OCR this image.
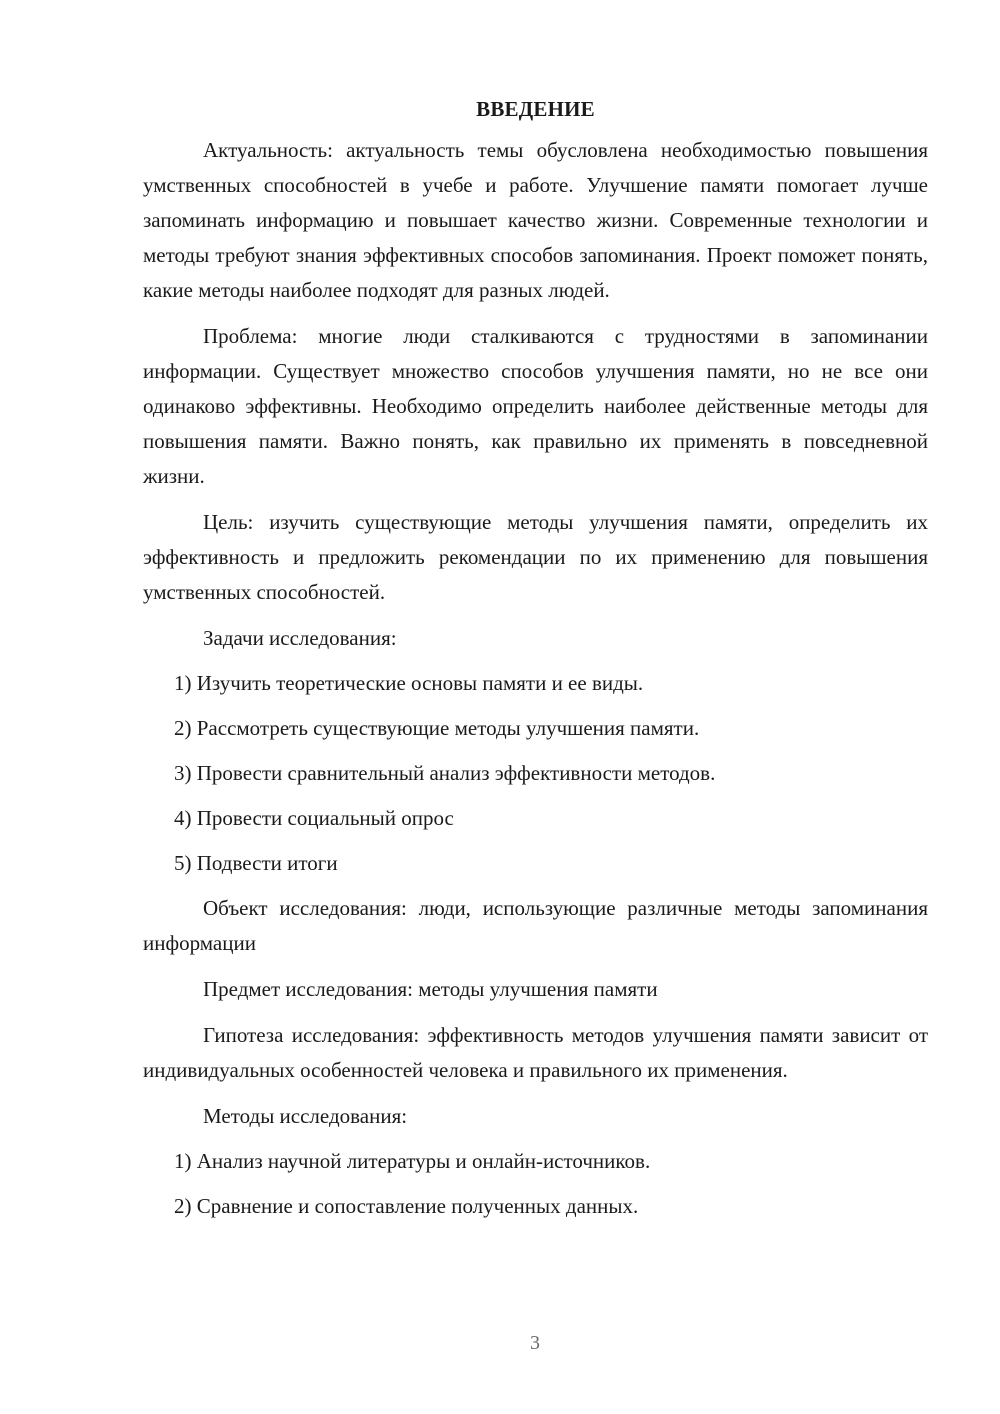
ВВЕДЕНИЕ

Актуальность: актуальность темы обусловлена необходимостью повышения умственных способностей в учебе и работе. Улучшение памяти помогает лучше запоминать информацию и повышает качество жизни. Современные технологии и методы требуют знания эффективных способов запоминания. Проект поможет понять, какие методы наиболее подходят для разных людей.

Проблема: многие люди сталкиваются с трудностями в запоминании информации. Существует множество способов улучшения памяти, но не все они одинаково эффективны. Необходимо определить наиболее действенные методы для повышения памяти. Важно понять, как правильно их применять в повседневной жизни.

Цель: изучить существующие методы улучшения памяти, определить их эффективность и предложить рекомендации по их применению для повышения умственных способностей.

Задачи исследования:

1) Изучить теоретические основы памяти и ее виды.
2) Рассмотреть существующие методы улучшения памяти.
3) Провести сравнительный анализ эффективности методов.
4) Провести социальный опрос
5) Подвести итоги

Объект исследования: люди, использующие различные методы запоминания информации

Предмет исследования: методы улучшения памяти

Гипотеза исследования: эффективность методов улучшения памяти зависит от индивидуальных особенностей человека и правильного их применения.

Методы исследования:

1) Анализ научной литературы и онлайн-источников.
2) Сравнение и сопоставление полученных данных.
3
